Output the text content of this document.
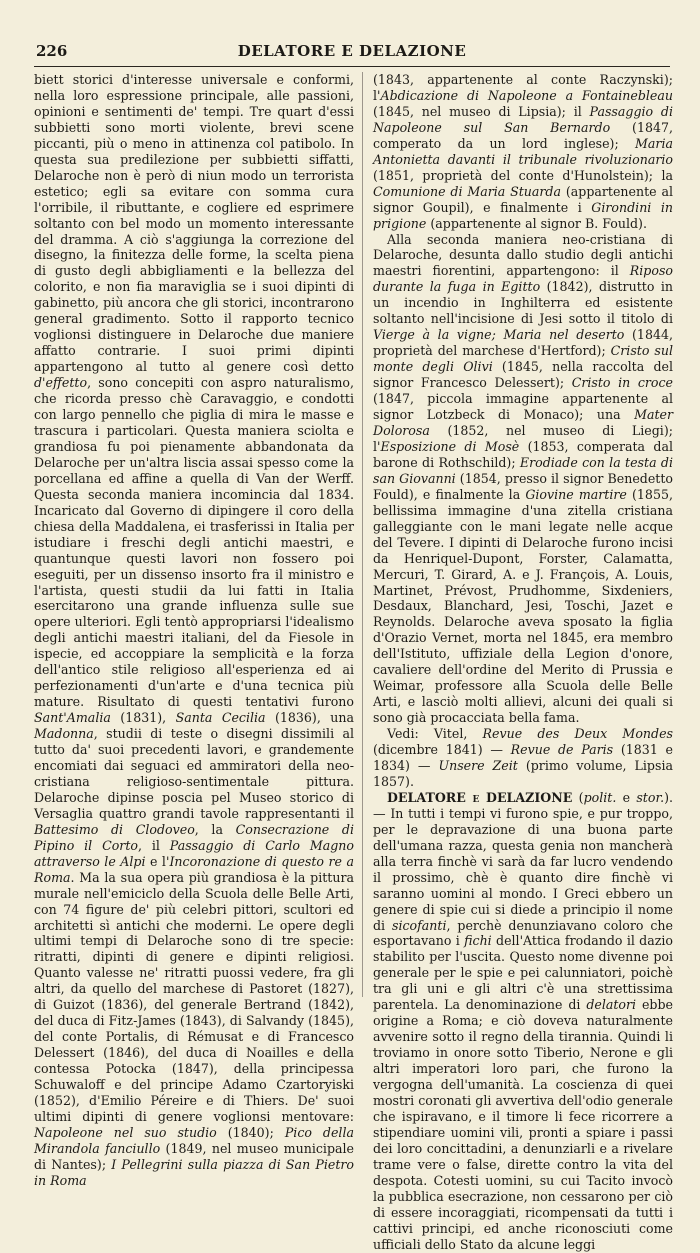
226	DELATORE E DELAZIONE

biett storici d'interesse universale e conformi, nella loro espressione principale, alle passioni, opinioni e sentimenti de' tempi. Tre quart d'essi subbietti sono morti violente, brevi scene piccanti, più o meno in attinenza col patibolo. In questa sua predilezione per subbietti siffatti, Delaroche non è però di niun modo un terrorista estetico; egli sa evitare con somma cura l'orribile, il ributtante, e cogliere ed esprimere soltanto con bel modo un momento interessante del dramma. A ciò s'aggiunga la correzione del disegno, la finitezza delle forme, la scelta piena di gusto degli abbigliamenti e la bellezza del colorito, e non fia maraviglia se i suoi dipinti di gabinetto, più ancora che gli storici, incontrarono general gradimento. Sotto il rapporto tecnico voglionsi distinguere in Delaroche due maniere affatto contrarie. I suoi primi dipinti appartengono al tutto al genere così detto d'effetto, sono concepiti con aspro naturalismo, che ricorda presso chè Caravaggio, e condotti con largo pennello che piglia di mira le masse e trascura i particolari. Questa maniera sciolta e grandiosa fu poi pienamente abbandonata da Delaroche per un'altra liscia assai spesso come la porcellana ed affine a quella di Van der Werff. Questa seconda maniera incomincia dal 1834. Incaricato dal Governo di dipingere il coro della chiesa della Maddalena, ei trasferissi in Italia per istudiare i freschi degli antichi maestri, e quantunque questi lavori non fossero poi eseguiti, per un dissenso insorto fra il ministro e l'artista, questi studii da lui fatti in Italia esercitarono una grande influenza sulle sue opere ulteriori. Egli tentò appropriarsi l'idealismo degli antichi maestri italiani, del da Fiesole in ispecie, ed accoppiare la semplicità e la forza dell'antico stile religioso all'esperienza ed ai perfezionamenti d'un'arte e d'una tecnica più mature. Risultato di questi tentativi furono Sant'Amalia (1831), Santa Cecilia (1836), una Madonna, studii di teste o disegni dissimili al tutto da' suoi precedenti lavori, e grandemente encomiati dai seguaci ed ammiratori della neo-cristiana religioso-sentimentale pittura. Delaroche dipinse poscia pel Museo storico di Versaglia quattro grandi tavole rappresentanti il Battesimo di Clodoveo, la Consecrazione di Pipino il Corto, il Passaggio di Carlo Magno attraverso le Alpi e l'Incoronazione di questo re a Roma. Ma la sua opera più grandiosa è la pittura murale nell'emiciclo della Scuola delle Belle Arti, con 74 figure de' più celebri pittori, scultori ed architetti sì antichi che moderni. Le opere degli ultimi tempi di Delaroche sono di tre specie: ritratti, dipinti di genere e dipinti religiosi. Quanto valesse ne' ritratti puossi vedere, fra gli altri, da quello del marchese di Pastoret (1827), di Guizot (1836), del generale Bertrand (1842), del duca di Fitz-James (1843), di Salvandy (1845), del conte Portalis, di Rémusat e di Francesco Delessert (1846), del duca di Noailles e della contessa Potocka (1847), della principessa Schuwaloff e del principe Adamo Czartoryiski (1852), d'Emilio Péreire e di Thiers. De' suoi ultimi dipinti di genere voglionsi mentovare: Napoleone nel suo studio (1840); Pico della Mirandola fanciullo (1849, nel museo municipale di Nantes); I Pellegrini sulla piazza di San Pietro in Roma

(1843, appartenente al conte Raczynski); l'Abdicazione di Napoleone a Fontainebleau (1845, nel museo di Lipsia); il Passaggio di Napoleone sul San Bernardo (1847, comperato da un lord inglese); Maria Antonietta davanti il tribunale rivoluzionario (1851, proprietà del conte d'Hunolstein); la Comunione di Maria Stuarda (appartenente al signor Goupil), e finalmente i Girondini in prigione (appartenente al signor B. Fould).

Alla seconda maniera neo-cristiana di Delaroche, desunta dallo studio degli antichi maestri fiorentini, appartengono: il Riposo durante la fuga in Egitto (1842), distrutto in un incendio in Inghilterra ed esistente soltanto nell'incisione di Jesi sotto il titolo di Vierge à la vigne; Maria nel deserto (1844, proprietà del marchese d'Hertford); Cristo sul monte degli Olivi (1845, nella raccolta del signor Francesco Delessert); Cristo in croce (1847, piccola immagine appartenente al signor Lotzbeck di Monaco); una Mater Dolorosa (1852, nel museo di Liegi); l'Esposizione di Mosè (1853, comperata dal barone di Rothschild); Erodiade con la testa di san Giovanni (1854, presso il signor Benedetto Fould), e finalmente la Giovine martire (1855, bellissima immagine d'una zitella cristiana galleggiante con le mani legate nelle acque del Tevere. I dipinti di Delaroche furono incisi da Henriquel-Dupont, Forster, Calamatta, Mercuri, T. Girard, A. e J. François, A. Louis, Martinet, Prévost, Prudhomme, Sixdeniers, Desdaux, Blanchard, Jesi, Toschi, Jazet e Reynolds. Delaroche aveva sposato la figlia d'Orazio Vernet, morta nel 1845, era membro dell'Istituto, uffiziale della Legion d'onore, cavaliere dell'ordine del Merito di Prussia e Weimar, professore alla Scuola delle Belle Arti, e lasciò molti allievi, alcuni dei quali si sono già procacciata bella fama.

Vedi: Vitel, Revue des Deux Mondes (dicembre 1841) — Revue de Paris (1831 e 1834) — Unsere Zeit (primo volume, Lipsia 1857).

DELATORE e DELAZIONE (polit. e stor.). — In tutti i tempi vi furono spie, e pur troppo, per le depravazione di una buona parte dell'umana razza, questa genia non mancherà alla terra finchè vi sarà da far lucro vendendo il prossimo, chè è quanto dire finchè vi saranno uomini al mondo. I Greci ebbero un genere di spie cui si diede a principio il nome di sicofanti, perchè denunziavano coloro che esportavano i fichi dell'Attica frodando il dazio stabilito per l'uscita. Questo nome divenne poi generale per le spie e pei calunniatori, poichè tra gli uni e gli altri c'è una strettissima parentela. La denominazione di delatori ebbe origine a Roma; e ciò doveva naturalmente avvenire sotto il regno della tirannia. Quindi li troviamo in onore sotto Tiberio, Nerone e gli altri imperatori loro pari, che furono la vergogna dell'umanità. La coscienza di quei mostri coronati gli avvertiva dell'odio generale che ispiravano, e il timore li fece ricorrere a stipendiare uomini vili, pronti a spiare i passi dei loro concittadini, a denunziarli e a rivelare trame vere o false, dirette contro la vita del despota. Cotesti uomini, su cui Tacito invocò la pubblica esecrazione, non cessarono per ciò di essere incoraggiati, ricompensati da tutti i cattivi principi, ed anche riconosciuti come ufficiali dello Stato da alcune leggi
